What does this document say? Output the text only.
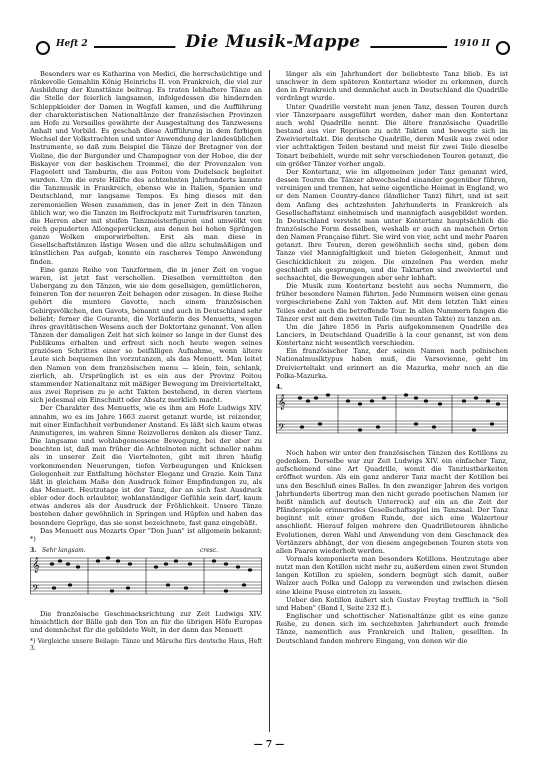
Heft 2	Die Musik-Mappe	1910 II

Besonders war es Katharina von Medici, die herrschsüchtige und ränkevolle Gemahlin König Heinrichs II. von Frankreich, die viel zur Ausbildung der Kunsttänze beitrug. Es traten lebhaftere Tänze an die Stelle der feierlich langsamen, infolgedessen die hindernden Schleppkleider der Damen in Wegfall kamen, und die Aufführung der charakteristischen Nationaltänze der französischen Provinzen am Hofe zu Versailles gewährte der Ausgestaltung des Tanzwesens Anhalt und Vorbild. Es geschah diese Aufführung in dem farbigen Wechsel der Volkstrachten und unter Anwendung der landesüblichen Instrumente, so daß zum Beispiel die Tänze der Bretagner von der Violine, die der Burgunder und Champagner von der Hoboe, die der Biskayer von der baskischen Trommel, die der Provenzalen von Flageolett und Tamburin, die aus Poitou vom Dudelsack begleitet wurden. Um die erste Hälfte des achtzehnten Jahrhunderts kannte die Tanzmusik in Frankreich, ebenso wie in Italien, Spanien und Deutschland, nur langsame Tempos. Es hing dieses mit den zeremoniellen Wesen zusammen, das in jener Zeit in den Tänzen üblich war, wo die Tanzen im Reifrockputz mit Turmfrisuren tanzten, die Herren aber mit steifen Tanzmeisterfiguren und umwölkt von reich gepuderten Allongeperücken, aus denen bei hohen Sprüngen ganze Wolken emporwirbelten. Erst als man diese in Gesellschaftstänzen lästige Wesen und die allzu schulmäßigen und künstlichen Pas aufgab, konnte ein rascheres Tempo Anwendung finden.

Eine ganze Reihe von Tanzformen, die in jener Zeit en vogue waren, ist jetzt fast verschollen. Dieselben vermittelten den Uebergang zu den Tänzen, wie sie dem gesellsigen, gemütlicheren, feineren Ton der neueren Zeit behagen oder zusagen. In diese Reihe gehört die muntere Gavotte, nach einem französischen Gebirgsvölkchen, den Gavots, benannt und auch in Deutschland sehr beliebt; ferner die Courante, die Vorläuferin des Menuetts, wegen ihres gravitätischen Wesens auch der Doktortanz genannt. Von allen Tänzen der damaligen Zeit hat sich keiner so lange in der Gunst des Publikums erhalten und erfreut sich noch heute wegen seines graziösen Schrittes einer so beifälligen Aufnahme, wenn ältere Leute sich bequemen ihn vorzutanzen, als das Menuett. Man leitet den Namen von dem französischen menu — klein, fein, schlank, zierlich, ab. Ursprünglich ist es ein aus der Provinz Poitou stammender Nationaltanz mit mäßiger Bewegung im Dreivierteltakt, aus zwei Reprisen zu je acht Takten bestehend, in deren viertem sich jedesmal ein Einschnitt oder Absatz merklich macht.

Der Charakter des Menuetts, wie es ihm am Hofe Ludwigs XIV. annahm, wo es im Jahre 1663 zuerst getanzt wurde, ist reizender, mit einer Einfachheit verbundener Anstand. Es läßt sich kaum etwas Anmutigeres, im wahren Sinne Reizvolleres denken als dieser Tanz. Die langsame und wohlabgemessene Bewegung, bei der aber zu beachten ist, daß man früher die Achtelnoten nicht schneller nahm als in unserer Zeit die Viertelnoten, gibt mit ihren häufig vorkommenden Neuerungen, tiefen Verbeugungen und Knicksen Gelegenheit zur Entfaltung höchster Eleganz und Grazie. Kein Tanz läßt in gleichem Maße den Ausdruck feiner Empfindungen zu, als das Menuett. Heutzutage ist der Tanz, der an sich fast Ausdruck ebler oder doch erlaubter, wohlanständiger Gefühle sein darf, kaum etwas anderes als der Ausdruck der Fröhlichkeit. Unsere Tänze bestehen daher gewöhnlich in Springen und Hüpfen und haben das besondere Gepräge, das sie sonst bezeichnete, fast ganz eingebüßt.

Das Menuett aus Mozarts Oper "Don Juan" ist allgemein bekannt: *)

3. Sehr langsam.	cresc.
𝄞
𝄢

Die französische Geschmacksrichtung zur Zeit Ludwigs XIV. hinsichtlich der Bälle gab den Ton an für die übrigen Höfe Europas und demnächst für die gebildete Welt, in der dann das Menuett

*) Vergleiche unsere Beilage: Tänze und Märsche fürs deutsche Haus, Heft 3.

länger als ein Jahrhundert der beliebteste Tanz blieb. Es ist unschwer in dem späteren Kontertanz wieder zu erkennen, durch den in Frankreich und demnächst auch in Deutschland die Quadrille verdrängt wurde.

Unter Quadrille versteht man jenen Tanz, dessen Touren durch vier Tänzerpaare ausgeführt werden, daher man den Kontertanz auch wohl Quadrille nennt. Die ältere französische Quadrille bestand aus vier Reprisen zu acht Takten und bewegte sich im Zweivierteltakt. Die deutsche Quadrille, deren Musik aus zwei oder vier achttaktigen Teilen bestand und meist für zwei Teile dieselbe Tonart beibehielt, wurde mit sehr verschiedenen Touren getanzt, die ein größer Tänzer vorher angab.

Der Kontertanz, wie im allgemeinen jeder Tanz genannt wird, dessen Touren die Tänzer abwechselnd einander gegenüber führen, vereinigen und trennen, hat seine eigentliche Heimat in England, wo er den Namen Country-dance (ländlicher Tanz) führt, und ist seit dem Anfang des achtzehnten Jahrhunderts in Frankreich als Gesellschaftstanz einheimisch und mannigfach ausgebildet worden. In Deutschland versteht man unter Kontertanz hauptsächlich die französische Form desselben, weshalb er auch an manchen Orten den Namen Française führt. Sie wird von vier, acht und mehr Paaren getanzt. Ihre Touren, deren gewöhnlich sechs sind, geben dem Tanze viel Mannigfaltigkeit und bieten Gelegenheit, Anmut und Geschicklichkeit zu zeigen. Die einzelnen Pas werden mehr geschleift als gesprungen, und die Taktarten sind zweiviertel und sechsachtel, die Bewegungen aber sehr lebhaft.

Die Musik zum Kontertanz besteht aus sechs Nummern, die früher besondere Namen führten. Jede Nummern weisen eine genau vorgeschriebene Zahl von Takten auf. Mit dem letzten Takt eines Teiles endet auch die betreffende Tour. In allen Nummern fangen die Tänzer erst mit dem zweiten Teile (im neunten Takte) zu tanzen an.

Um die Jahre 1856 in Paris aufgekommenen Quadrille des Lanciers, in Deutschland Quadrille à la cour genannt, ist von dem Kontertanz nicht wesentlich verschieden.

Ein französischer Tanz, der seinen Namen nach polnischen Nationalmusiktypus haben muß, die Varsovienne, geht im Dreivierteltakt und erinnert an die Mazurka, mehr noch an die Polka-Mazurka.

4.
𝄞
𝄢

Noch haben wir unter den französischen Tänzen des Kotillons zu gedenken. Derselbe war zur Zeit Ludwigs XIV. ein einfacher Tanz, aufscheinend eine Art Quadrille, womit die Tanzlustbarkeiten eröffnet wurden. Als ein ganz anderer Tanz macht der Kotillon bei uns den Beschluß eines Balles. In den zwanziger Jahren des vorigen Jahrhunderts übertrug man den nicht gerade poetischen Namen (er heißt nämlich auf deutsch Unterrock) auf ein an die Zeit der Pfänderspiele erinnerndes Gesellschaftsspiel im Tanzsaal. Der Tanz beginnt mit einer großen Runde, der sich eine Walzertour anschließt. Hierauf folgen mehrere den Quadrilletouren ähnliche Evolutionen, deren Wahl und Anwendung von dem Geschmack des Vortänzers abhängt, der von diesem angegebenen Touren stets von allen Paaren wiederholt werden.

Vormals komponierte man besonders Kotillons. Heutzutage aber nutzt man den Kotillon nicht mehr zu, außerdem einen zwei Stunden langen Kotillon zu spielen, sondern begnügt sich damit, außer Walzer auch Polka und Galopp zu verwenden und zwischen diesen eine kleine Pause eintreten zu lassen.

Ueber den Kotillon äußert sich Gustav Freytag trefflich in "Soll und Haben" (Band I, Seite 232 ff.).

Englischer und schottischer Nationaltänze gibt es eine ganze Reihe, zu denen sich im sechzehnten Jahrhundert auch fremde Tänze, namentlich aus Frankreich und Italien, gesellten. In Deutschland fanden mehrere Eingang, von denen wir die

— 7 —
